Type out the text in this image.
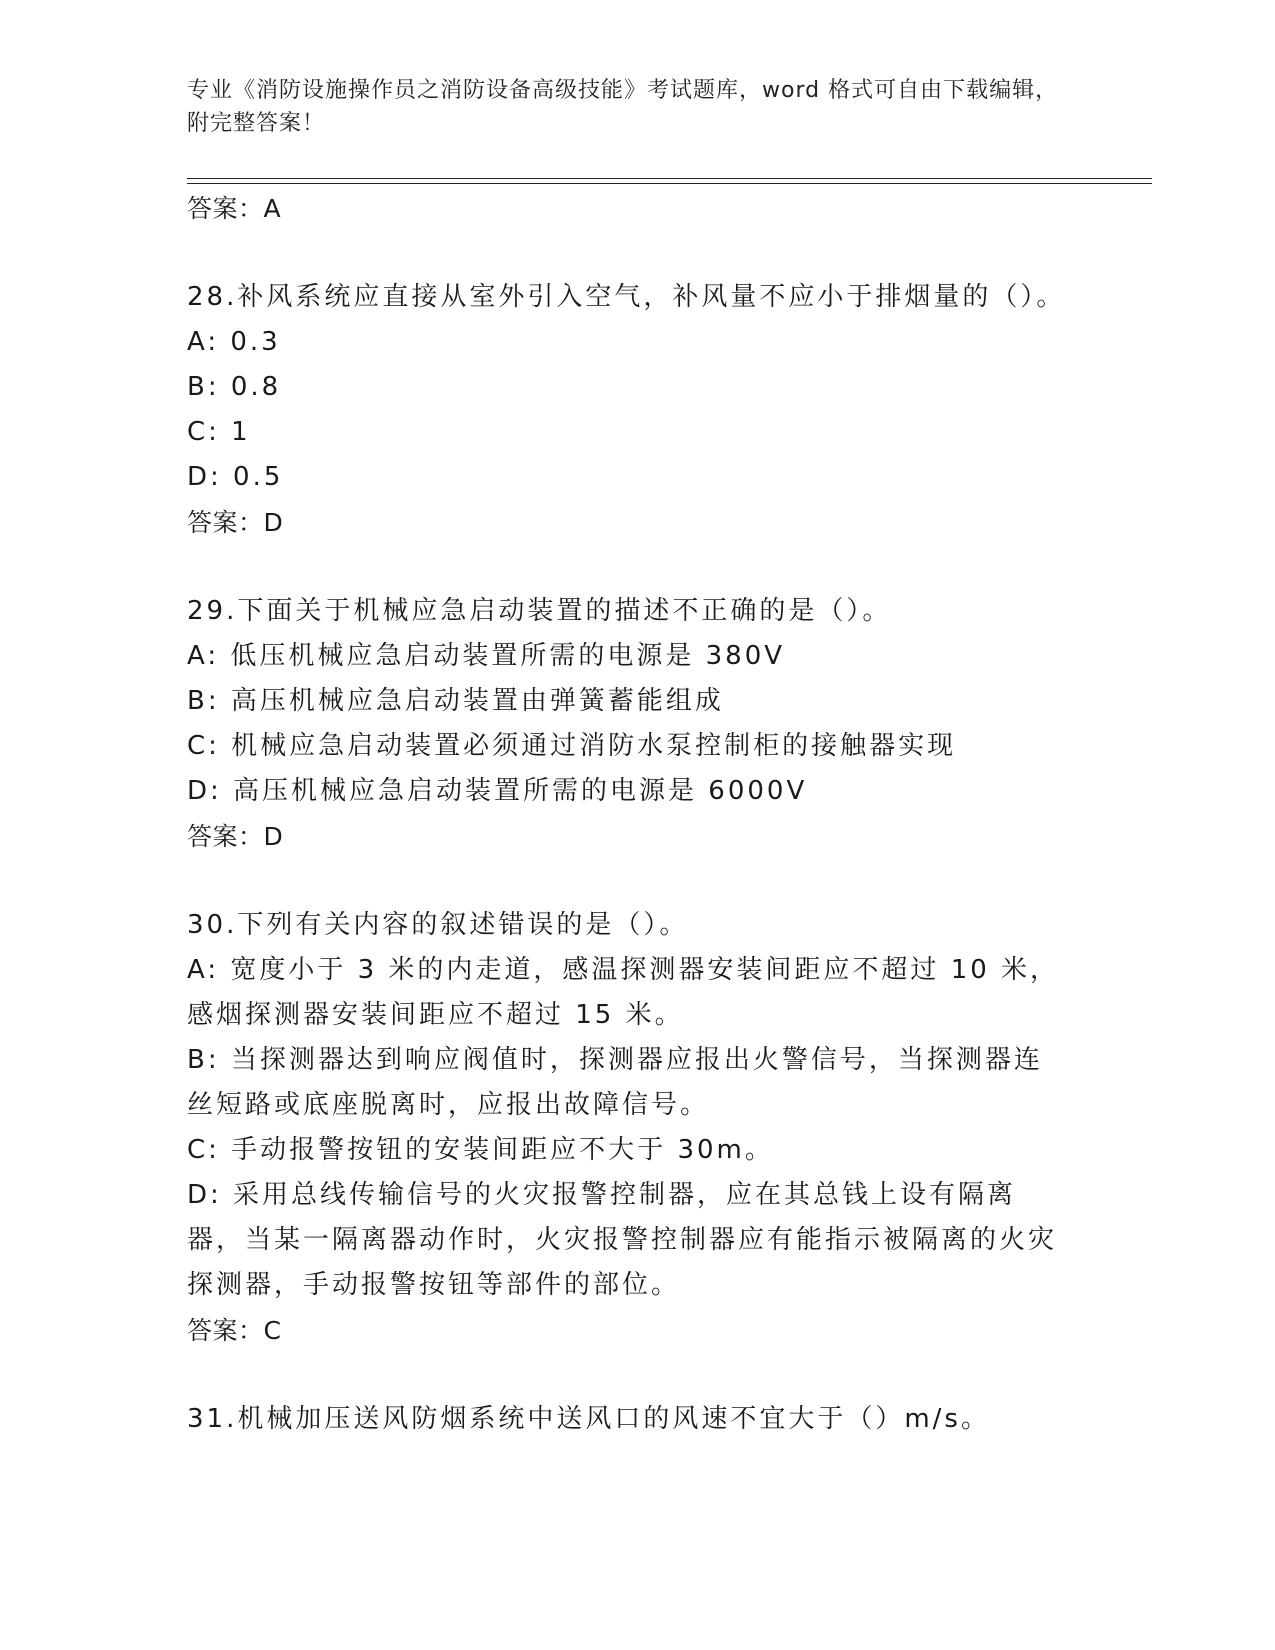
专业《消防设施操作员之消防设备高级技能》考试题库，word 格式可自由下载编辑，附完整答案！
答案：A
28.补风系统应直接从室外引入空气，补风量不应小于排烟量的（）。
A: 0.3
B: 0.8
C: 1
D: 0.5
答案：D
29.下面关于机械应急启动装置的描述不正确的是（）。
A: 低压机械应急启动装置所需的电源是 380V
B: 高压机械应急启动装置由弹簧蓄能组成
C: 机械应急启动装置必须通过消防水泵控制柜的接触器实现
D: 高压机械应急启动装置所需的电源是 6000V
答案：D
30.下列有关内容的叙述错误的是（）。
A: 宽度小于 3 米的内走道，感温探测器安装间距应不超过 10 米，感烟探测器安装间距应不超过 15 米。
B: 当探测器达到响应阀值时，探测器应报出火警信号，当探测器连丝短路或底座脱离时，应报出故障信号。
C: 手动报警按钮的安装间距应不大于 30m。
D: 采用总线传输信号的火灾报警控制器，应在其总钱上设有隔离器，当某一隔离器动作时，火灾报警控制器应有能指示被隔离的火灾探测器，手动报警按钮等部件的部位。
答案：C
31.机械加压送风防烟系统中送风口的风速不宜大于（）m/s。
